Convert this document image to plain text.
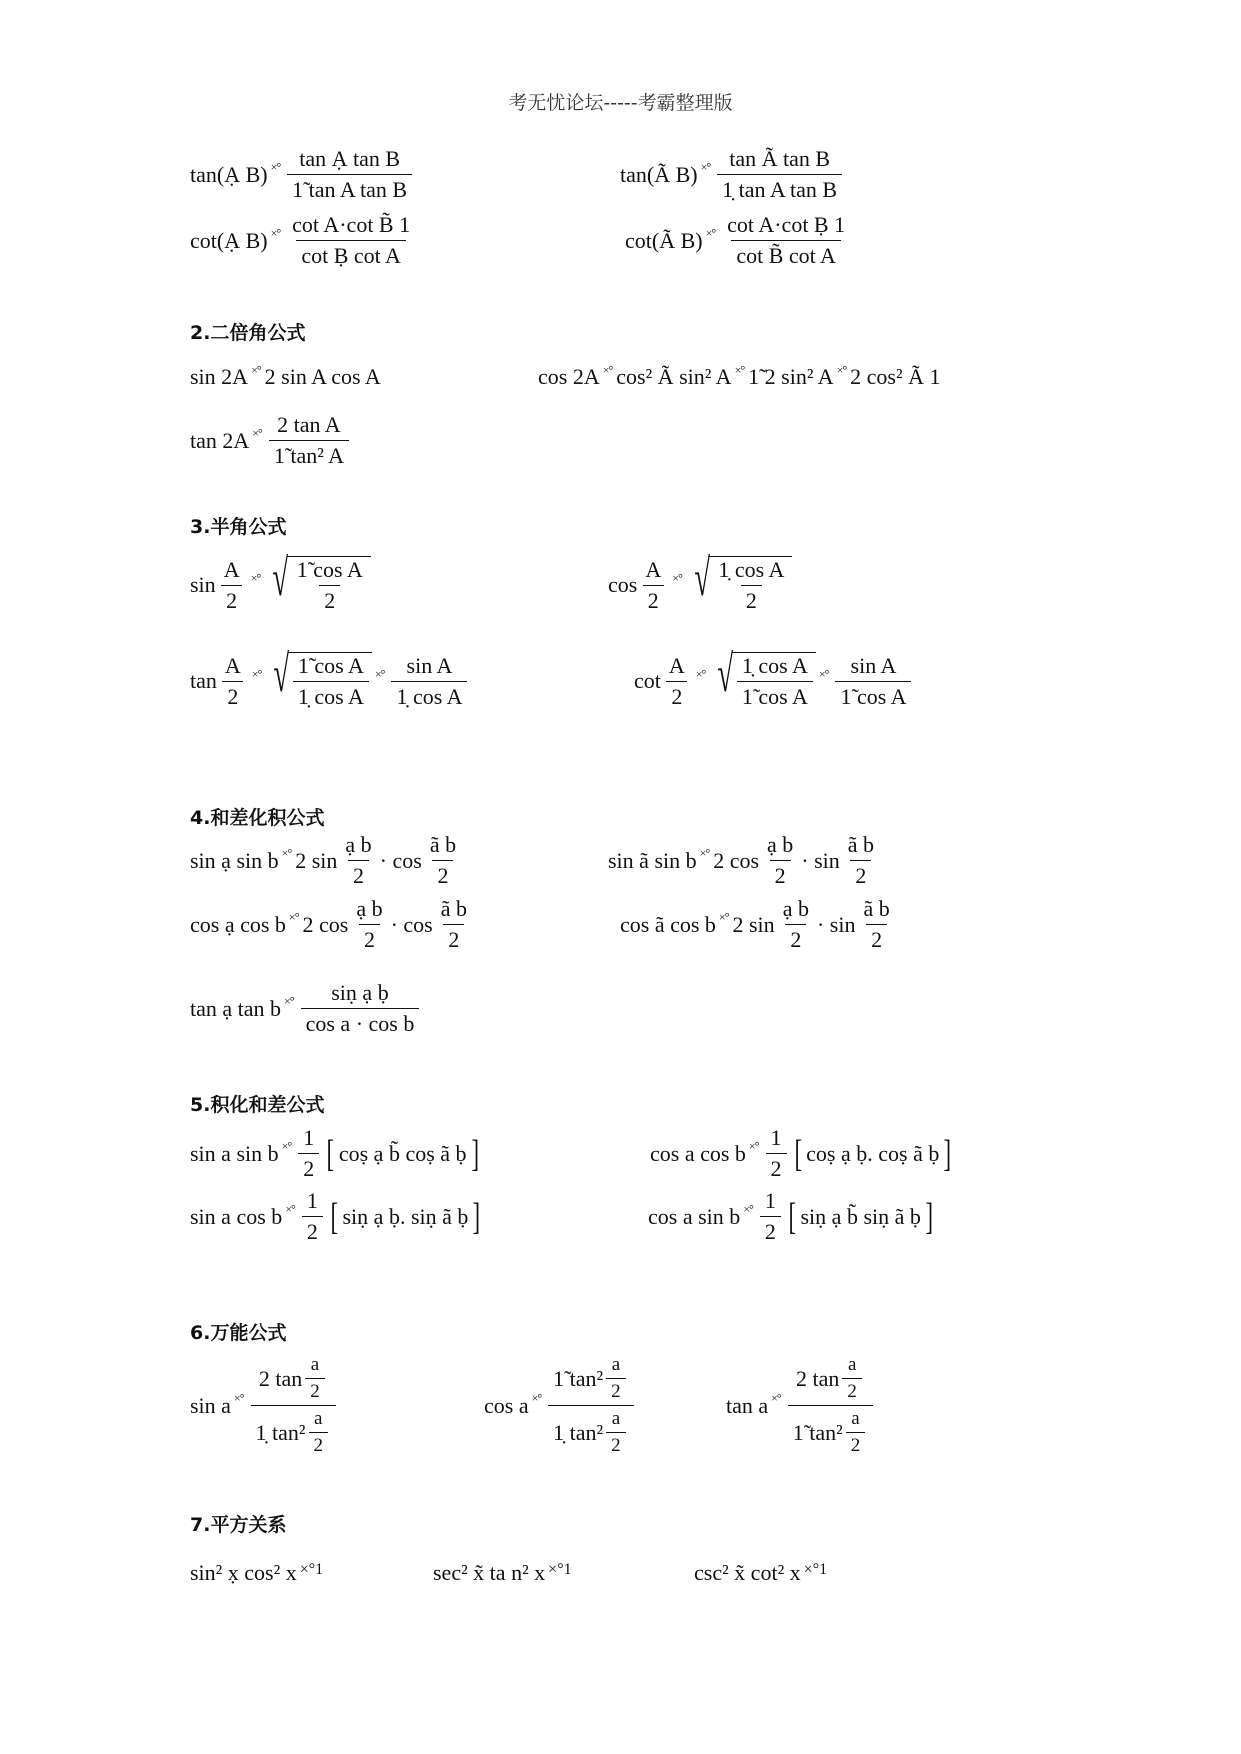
考无忧论坛-----考霸整理版
tan(Ạ B) ×° $\frac{\text{tan Ạ tan B}}{\text{1̃ tan A tan B}}$	tan(Ã B) ×° $\frac{\text{tan Ã tan B}}{\text{1̣ tan A tan B}}$
cot(Ạ B) ×° $\frac{\text{cot A·cot B̃ 1}}{\text{cot Ḅ cot A}}$	cot(Ã B) ×° $\frac{\text{cot A·cot Ḅ 1}}{\text{cot B̃ cot A}}$
2.二倍角公式
sin 2A ×° 2 sin A cos A	cos 2A ×° cos² Ã sin² A ×° 1̃ 2 sin² A ×° 2 cos² Ã 1
tan 2A ×° $\frac{\text{2 tan A}}{\text{1̃ tan² A}}$
3.半角公式
$\sin \frac{A}{2}$ ×° √ $\frac{\text{1̃ cos A}}{2}$	$\cos \frac{A}{2}$ ×° √ $\frac{\text{1̣ cos A}}{2}$
$\tan \frac{A}{2}$ ×° √ $\frac{\text{1̃ cos A}}{\text{1̣ cos A}}$ ×° $\frac{\text{sin A}}{\text{1̣ cos A}}$	$\cot \frac{A}{2}$ ×° √ $\frac{\text{1̣ cos A}}{\text{1̃ cos A}}$ ×° $\frac{\text{sin A}}{\text{1̃ cos A}}$
4.和差化积公式
sin ạ sin b ×° 2 $\sin \frac{ạ b}{2} \cdot \cos \frac{ã b}{2}$	sin ã sin b ×° 2 $\cos \frac{ạ b}{2} \cdot \sin \frac{ã b}{2}$
cos ạ cos b ×° 2 $\cos \frac{ạ b}{2} \cdot \cos \frac{ã b}{2}$	cos ã cos b ×° 2 $\sin \frac{ạ b}{2} \cdot \sin \frac{ã b}{2}$
tan ạ tan b ×° $\frac{\siṇ ạ ḅ}{\text{cos a · cos b}}$
5.积化和差公式
sin a sin b ×° $\frac{1}{2}$ [ coṣ ạ b̃ coṣ ã ḅ ]	cos a cos b ×° $\frac{1}{2}$ [ coṣ ạ ḅ. coṣ ã ḅ ]
sin a cos b ×° $\frac{1}{2}$ [ siṇ ạ ḅ. siṇ ã ḅ ]	cos a sin b ×° $\frac{1}{2}$ [ siṇ ạ b̃ siṇ ã ḅ ]
6.万能公式
sin a ×° $\frac{2 \tan \frac{a}{2}}{1̣ \tan^2 \frac{a}{2}}$	cos a ×° $\frac{1̃ \tan^2 \frac{a}{2}}{1̣ \tan^2 \frac{a}{2}}$	tan a ×° $\frac{2 \tan \frac{a}{2}}{1̃ \tan^2 \frac{a}{2}}$
7.平方关系
sin² x̣ cos² x ×°1	sec² x̃ ta n² x ×°1	csc² x̃ cot² x ×°1
